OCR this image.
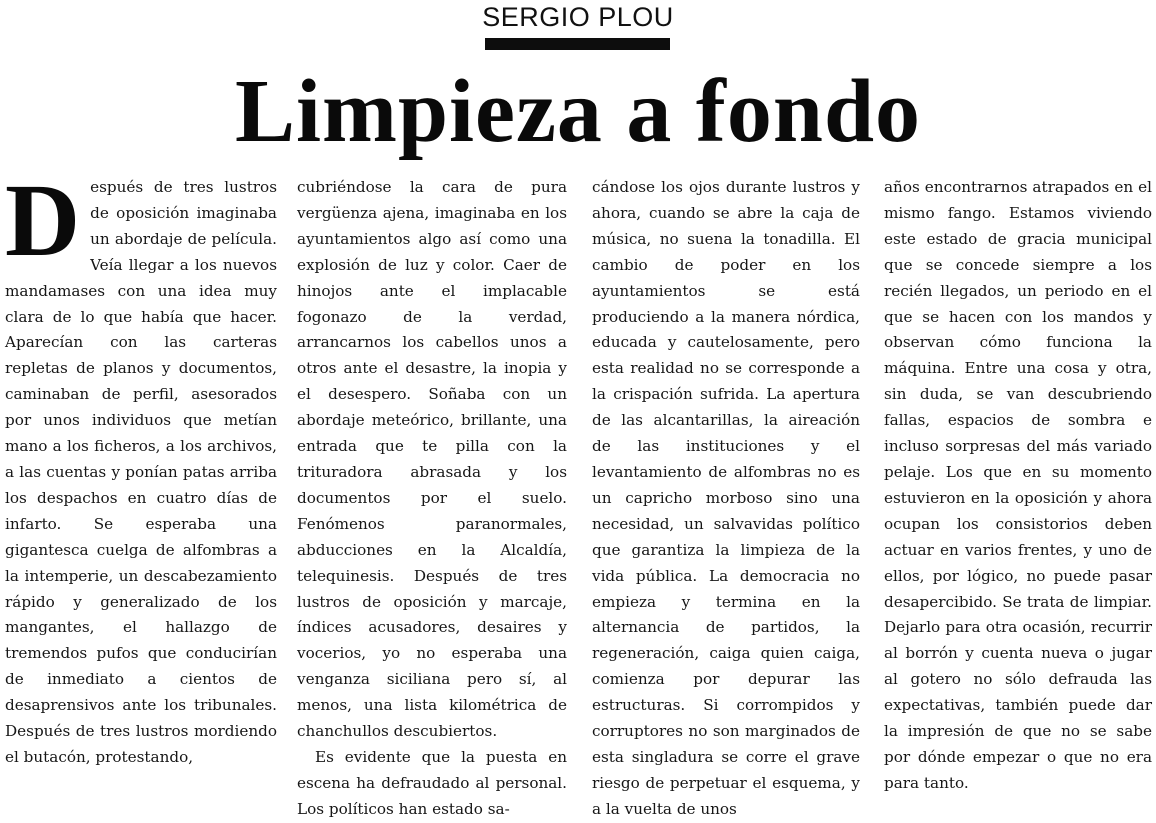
SERGIO PLOU
Limpieza a fondo

Después de tres lustros de oposición imaginaba un abordaje de película. Veía llegar a los nuevos mandamases con una idea muy clara de lo que había que hacer. Aparecían con las carteras repletas de planos y documentos, caminaban de perfil, asesorados por unos individuos que metían mano a los ficheros, a los archivos, a las cuentas y ponían patas arriba los despachos en cuatro días de infarto. Se esperaba una gigantesca cuelga de alfombras a la intemperie, un descabezamiento rápido y generalizado de los mangantes, el hallazgo de tremendos pufos que conducirían de inmediato a cientos de desaprensivos ante los tribunales. Después de tres lustros mordiendo el butacón, protestando,

cubriéndose la cara de pura vergüenza ajena, imaginaba en los ayuntamientos algo así como una explosión de luz y color. Caer de hinojos ante el implacable fogonazo de la verdad, arrancarnos los cabellos unos a otros ante el desastre, la inopia y el desespero. Soñaba con un abordaje meteórico, brillante, una entrada que te pilla con la trituradora abrasada y los documentos por el suelo. Fenómenos paranormales, abducciones en la Alcaldía, telequinesis. Después de tres lustros de oposición y marcaje, índices acusadores, desaires y vocerios, yo no esperaba una venganza siciliana pero sí, al menos, una lista kilométrica de chanchullos descubiertos.

Es evidente que la puesta en escena ha defraudado al personal. Los políticos han estado sa-

cándose los ojos durante lustros y ahora, cuando se abre la caja de música, no suena la tonadilla. El cambio de poder en los ayuntamientos se está produciendo a la manera nórdica, educada y cautelosamente, pero esta realidad no se corresponde a la crispación sufrida. La apertura de las alcantarillas, la aireación de las instituciones y el levantamiento de alfombras no es un capricho morboso sino una necesidad, un salvavidas político que garantiza la limpieza de la vida pública. La democracia no empieza y termina en la alternancia de partidos, la regeneración, caiga quien caiga, comienza por depurar las estructuras. Si corrompidos y corruptores no son marginados de esta singladura se corre el grave riesgo de perpetuar el esquema, y a la vuelta de unos

años encontrarnos atrapados en el mismo fango. Estamos viviendo este estado de gracia municipal que se concede siempre a los recién llegados, un periodo en el que se hacen con los mandos y observan cómo funciona la máquina. Entre una cosa y otra, sin duda, se van descubriendo fallas, espacios de sombra e incluso sorpresas del más variado pelaje. Los que en su momento estuvieron en la oposición y ahora ocupan los consistorios deben actuar en varios frentes, y uno de ellos, por lógico, no puede pasar desapercibido. Se trata de limpiar. Dejarlo para otra ocasión, recurrir al borrón y cuenta nueva o jugar al gotero no sólo defrauda las expectativas, también puede dar la impresión de que no se sabe por dónde empezar o que no era para tanto.
